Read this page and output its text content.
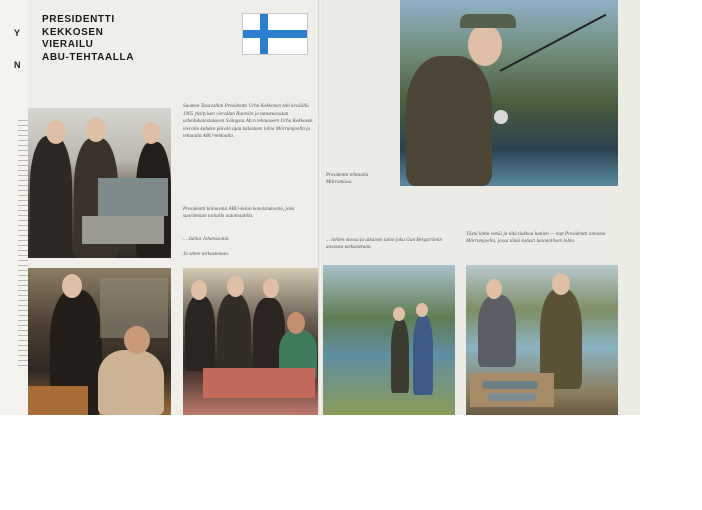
Y
N
PRESIDENTTI
KEKKOSEN
VIERAILU
ABU-TEHTAALLA

Suomen Tasavallan Presidentti Urho Kekkonen teki keväällä 1965 yksityisen vierailun Ruotsiin ja tutustuessaan urheilukalastukseen Svängsta Ab:n tehtaaseen Urho Kekkosen vierailu kahden päivän ajan kalastaen lohia Mörrumjoella ja tehtaalla ABU-tehtaalla.

Presidentti kiinnostui ABU-kelan koneistuksesta, joka suoritetaan tarkalla automaatilla.

... Juhlat Johanssonin.

Ja sitten tarkastetaan.

Presidentti tehtaalla Mörrumissa.

... lohien otossa ja aikaisen tulon joka Gun Bergströmin ansiosta tarkastetaan.

Tästä lohta vetää ja tätä tiukkaa lumien — mut Presidentti onnistui Mörrumjoella, jossa tämä kalasti luonnollisen lohta.
